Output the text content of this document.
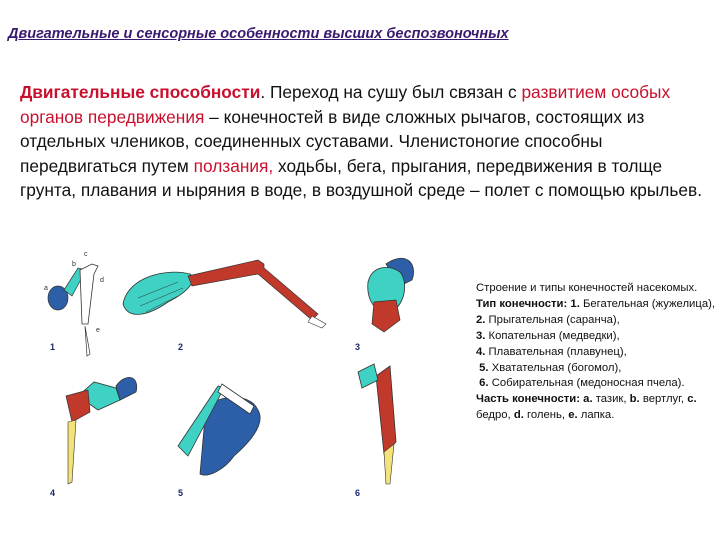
Двигательные и сенсорные особенности высших беспозвоночных

Двигательные способности. Переход на сушу был связан с развитием особых органов передвижения – конечностей в виде сложных рычагов, состоящих из отдельных члеников, соединенных суставами. Членистоногие способны передвигаться путем ползания, ходьбы, бега, прыгания, передвижения в толще грунта, плавания и ныряния в воде, в воздушной среде – полет с помощью крыльев.

1	2	3
4	5	6
a
b
c
d
e
Строение и типы конечностей насекомых.
Тип конечности: 1. Бегательная (жужелица),
2. Прыгательная (саранча),
3. Копательная (медведки),
4. Плавательная (плавунец),
5. Хватательная (богомол),
6. Собирательная (медоносная пчела).
Часть конечности: а. тазик, b. вертлуг, с. бедро, d. голень, е. лапка.
